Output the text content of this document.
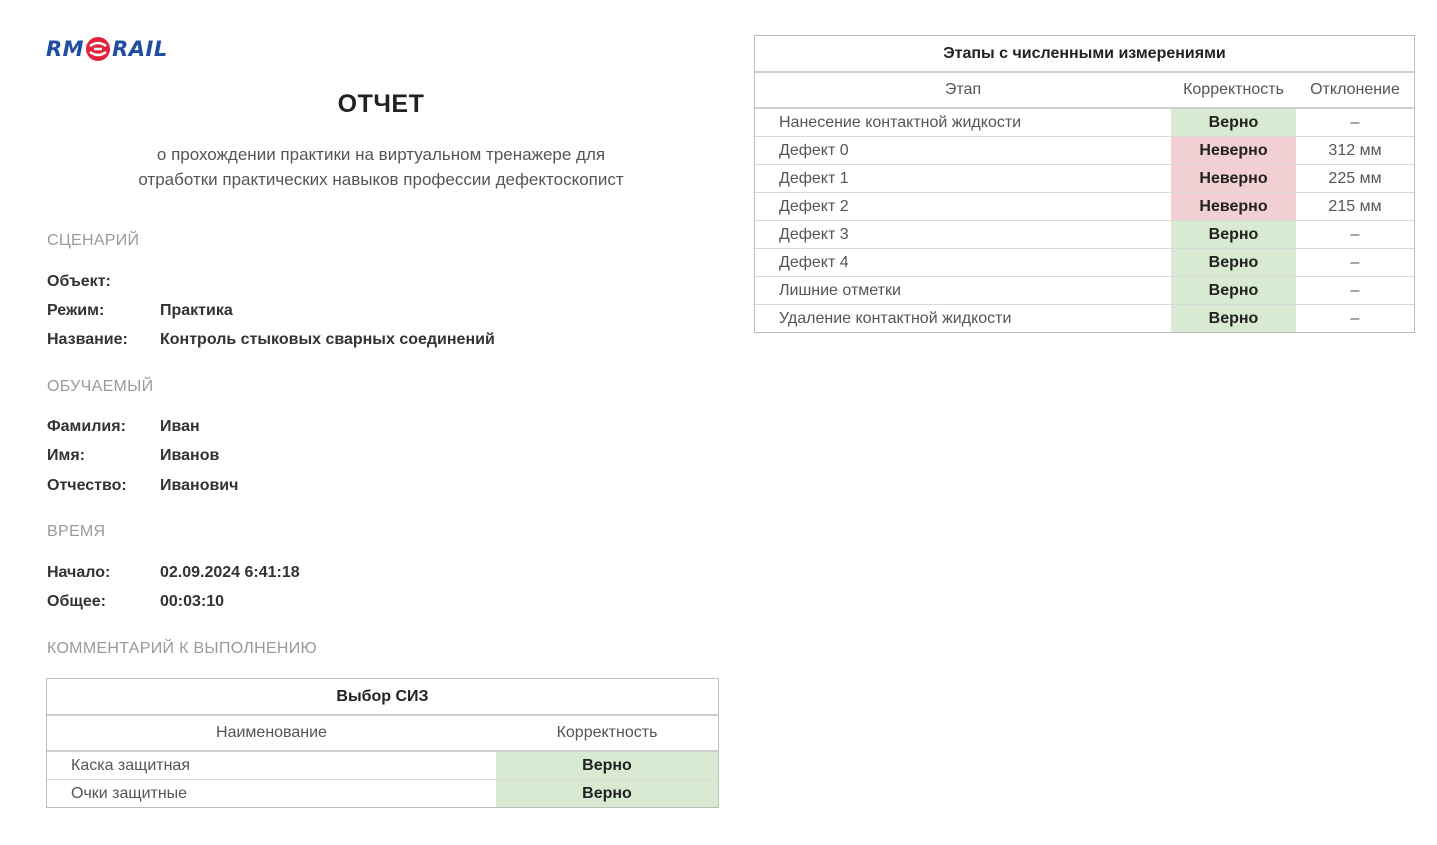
RM RAIL
ОТЧЕТ
о прохождении практики на виртуальном тренажере для
отработки практических навыков профессии дефектоскопист
СЦЕНАРИЙ
Объект:
Режим:	Практика
Название:	Контроль стыковых сварных соединений
ОБУЧАЕМЫЙ
Фамилия:	Иван
Имя:	Иванов
Отчество:	Иванович
ВРЕМЯ
Начало:	02.09.2024 6:41:18
Общее:	00:03:10
КОММЕНТАРИЙ К ВЫПОЛНЕНИЮ
Выбор СИЗ	
Наименование	Корректность
Каска защитная	Верно
Очки защитные	Верно
Этапы с численными измерениями		
Этап	Корректность	Отклонение
Нанесение контактной жидкости	Верно	–
Дефект 0	Неверно	312 мм
Дефект 1	Неверно	225 мм
Дефект 2	Неверно	215 мм
Дефект 3	Верно	–
Дефект 4	Верно	–
Лишние отметки	Верно	–
Удаление контактной жидкости	Верно	–
